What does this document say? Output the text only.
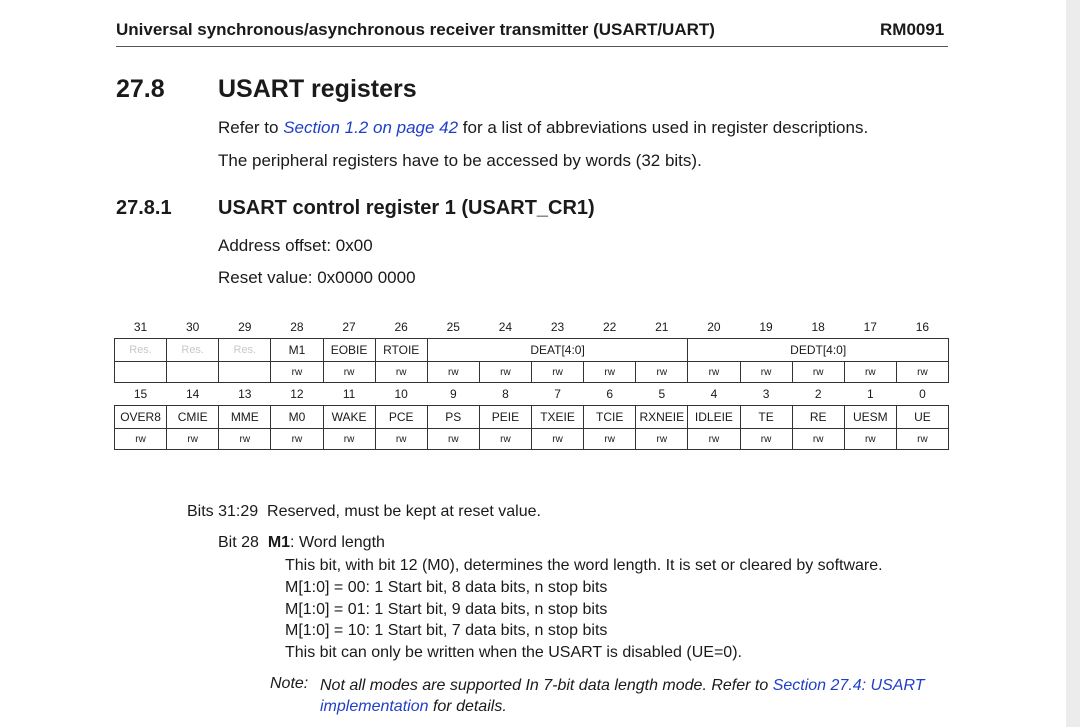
Universal synchronous/asynchronous receiver transmitter (USART/UART)	RM0091
27.8 USART registers
Refer to Section 1.2 on page 42 for a list of abbreviations used in register descriptions.
The peripheral registers have to be accessed by words (32 bits).
27.8.1 USART control register 1 (USART_CR1)
Address offset: 0x00
Reset value: 0x0000 0000
31	30	29	28	27	26	25	24	23	22	21	20	19	18	17	16
Res.	Res.	Res.	M1	EOBIE	RTOIE	DEAT[4:0]					DEDT[4:0]				
			rw	rw	rw	rw	rw	rw	rw	rw	rw	rw	rw	rw	rw
15	14	13	12	11	10	9	8	7	6	5	4	3	2	1	0
OVER8	CMIE	MME	M0	WAKE	PCE	PS	PEIE	TXEIE	TCIE	RXNEIE	IDLEIE	TE	RE	UESM	UE
rw	rw	rw	rw	rw	rw	rw	rw	rw	rw	rw	rw	rw	rw	rw	rw
Bits 31:29 Reserved, must be kept at reset value.
Bit 28 M1: Word length
This bit, with bit 12 (M0), determines the word length. It is set or cleared by software.
M[1:0] = 00: 1 Start bit, 8 data bits, n stop bits
M[1:0] = 01: 1 Start bit, 9 data bits, n stop bits
M[1:0] = 10: 1 Start bit, 7 data bits, n stop bits
This bit can only be written when the USART is disabled (UE=0).
Note: Not all modes are supported In 7-bit data length mode. Refer to Section 27.4: USART implementation for details.
